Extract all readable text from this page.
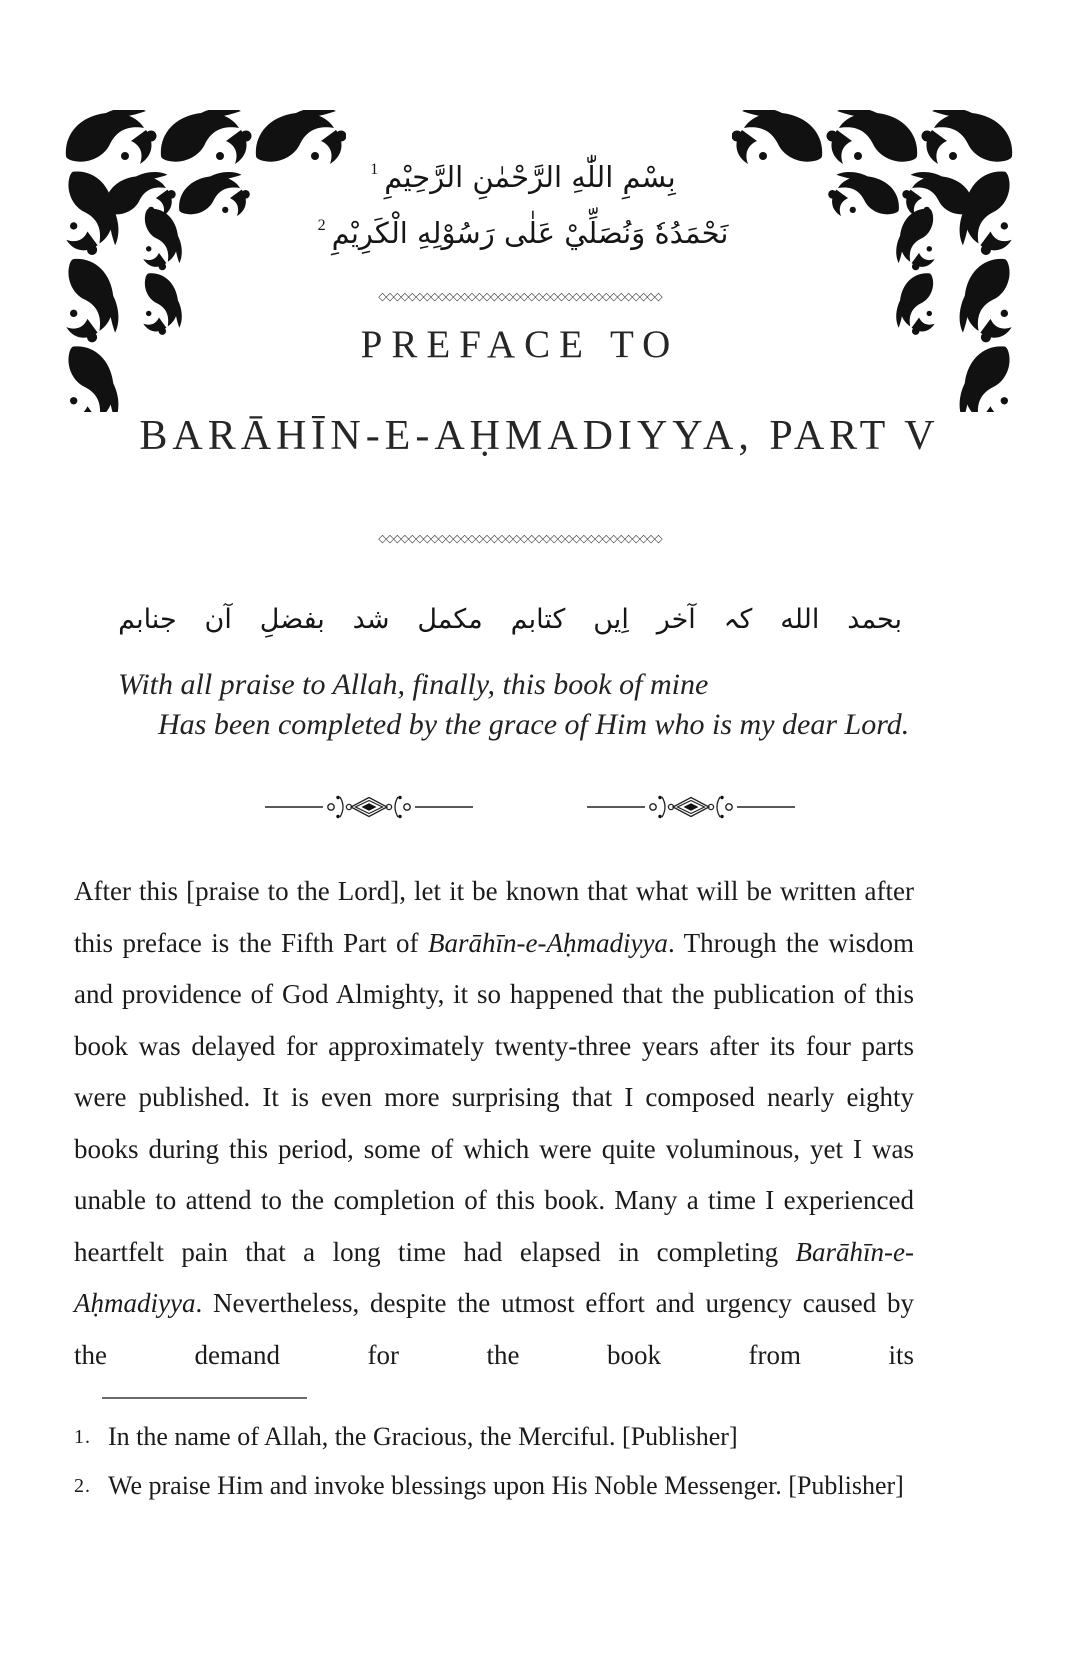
بِسْمِ اللّٰهِ الرَّحْمٰنِ الرَّحِيْمِ$^1$
نَحْمَدُهٗ وَنُصَلِّيْ عَلٰى رَسُوْلِهِ الْكَرِيْمِ$^2$
◇◇◇◇◇◇◇◇◇◇◇◇◇◇◇◇◇◇◇◇◇◇◇◇◇◇◇◇◇◇◇◇◇◇◇◇◇◇
PREFACE TO
BARĀHĪN-E-AḤMADIYYA, PART V
◇◇◇◇◇◇◇◇◇◇◇◇◇◇◇◇◇◇◇◇◇◇◇◇◇◇◇◇◇◇◇◇◇◇◇◇◇◇
بحمد
الله
کہ
آخر
اِیں
کتابم
مکمل
شد
بفضلِ
آن
جنابم
With all praise to Allah, finally, this book of mine
Has been completed by the grace of Him who is my dear Lord.
After this [praise to the Lord], let it be known that what will be written after this preface is the Fifth Part of Barāhīn-e-Aḥmadiyya. Through the wisdom and providence of God Almighty, it so happened that the publication of this book was delayed for approximately twenty-three years after its four parts were published. It is even more surprising that I composed nearly eighty books during this period, some of which were quite voluminous, yet I was unable to attend to the completion of this book. Many a time I experienced heartfelt pain that a long time had elapsed in completing Barāhīn-e-Aḥmadiyya. Nevertheless, despite the utmost effort and urgency caused by the demand for the book from its
1. In the name of Allah, the Gracious, the Merciful. [Publisher]
2. We praise Him and invoke blessings upon His Noble Messenger. [Publisher]
